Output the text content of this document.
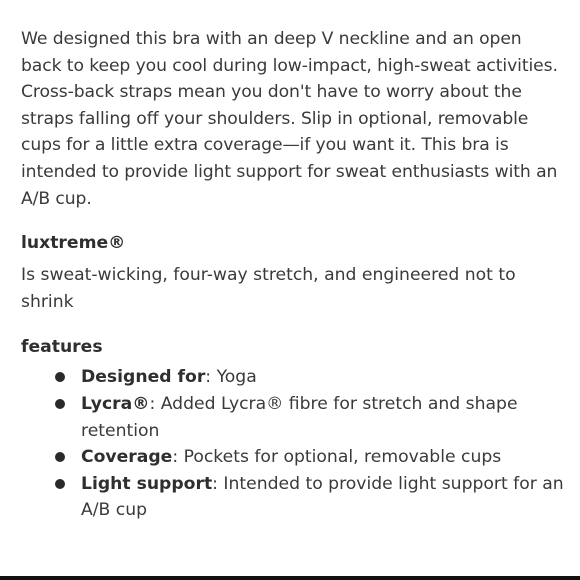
We designed this bra with an deep V neckline and an open back to keep you cool during low-impact, high-sweat activities. Cross-back straps mean you don't have to worry about the straps falling off your shoulders. Slip in optional, removable cups for a little extra coverage—if you want it. This bra is intended to provide light support for sweat enthusiasts with an A/B cup.

luxtreme®

Is sweat-wicking, four-way stretch, and engineered not to shrink

features
Designed for: Yoga
Lycra®: Added Lycra® fibre for stretch and shape retention
Coverage: Pockets for optional, removable cups
Light support: Intended to provide light support for an A/B cup
